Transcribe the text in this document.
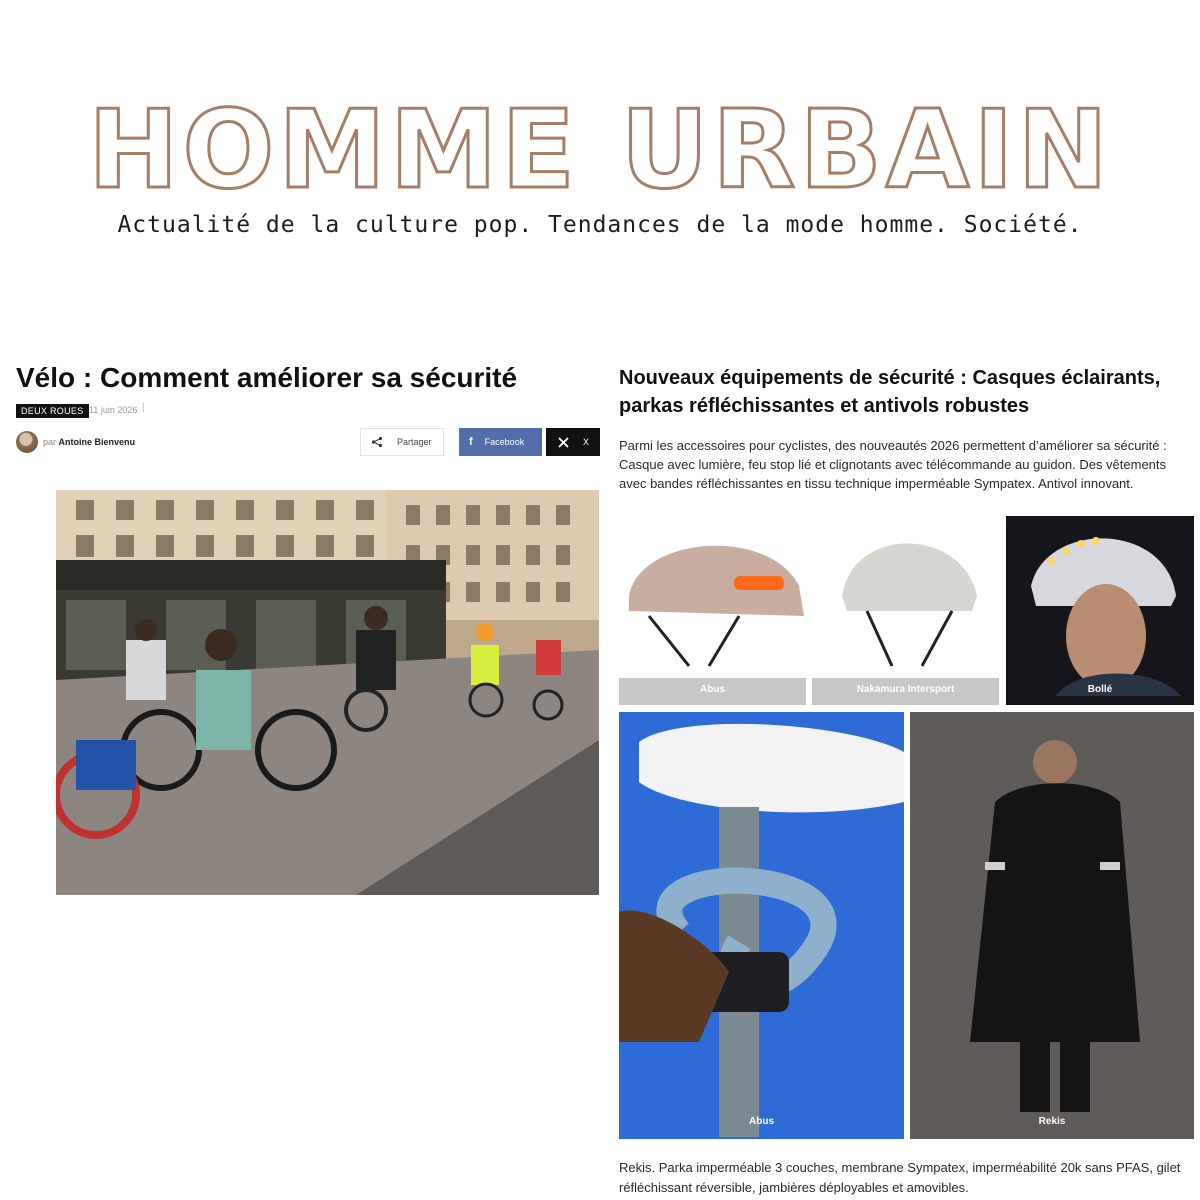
HOMME URBAIN
Actualité de la culture pop. Tendances de la mode homme. Société.
Vélo : Comment améliorer sa sécurité
DEUX ROUES 11 juin 2026 |
par Antoine Bienvenu	Partager	f Facebook	X
Nouveaux équipements de sécurité : Casques éclairants, parkas réfléchissantes et antivols robustes

Parmi les accessoires pour cyclistes, des nouveautés 2026 permettent d’améliorer sa sécurité : Casque avec lumière, feu stop lié et clignotants avec télécommande au guidon. Des vêtements avec bandes réfléchissantes en tissu technique imperméable Sympatex. Antivol innovant.

Abus	Nakamura Intersport	Bollé
Abus	Rekis

Rekis. Parka imperméable 3 couches, membrane Sympatex, imperméabilité 20k sans PFAS, gilet réfléchissant réversible, jambières déployables et amovibles.
